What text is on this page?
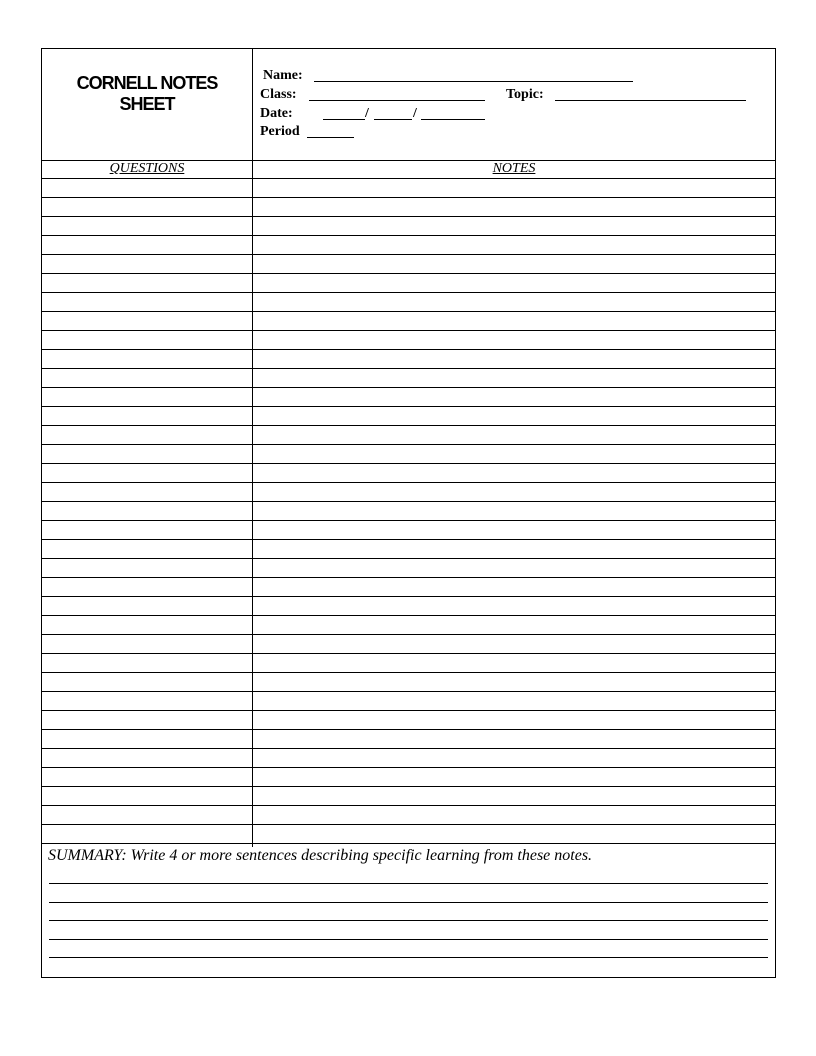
CORNELL NOTES
SHEET
Name:
Class:	Topic:
Date:	/	/
Period
QUESTIONS	NOTES
SUMMARY: Write 4 or more sentences describing specific learning from these notes.
